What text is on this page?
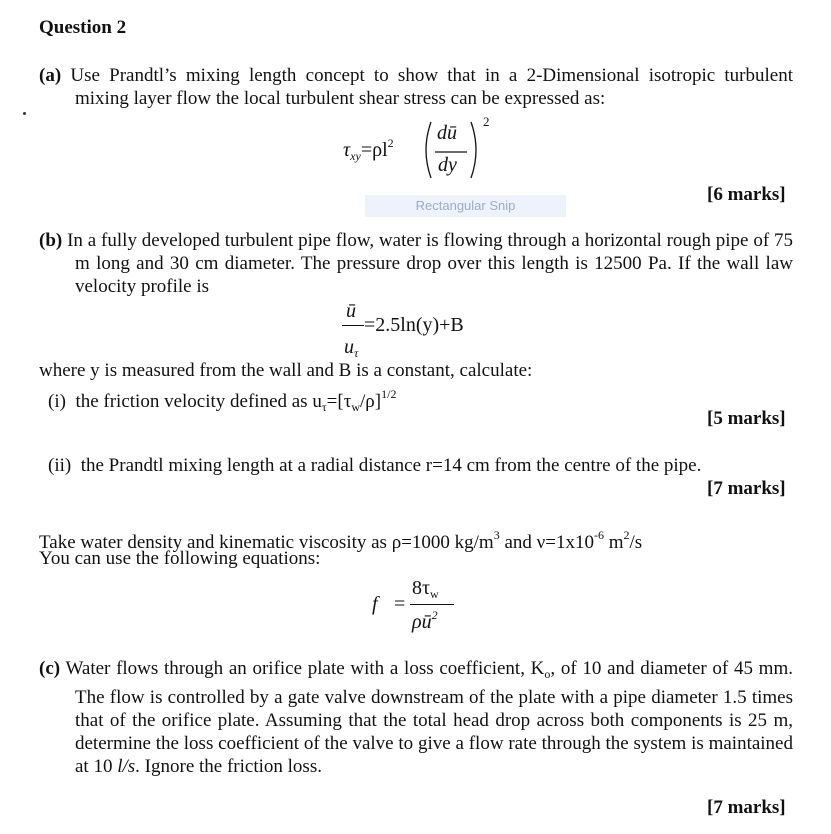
Question 2
(a) Use Prandtl’s mixing length concept to show that in a 2-Dimensional isotropic turbulent mixing layer flow the local turbulent shear stress can be expressed as:
$\tau_{xy}=\rho l^2$ dū
dy
2
[6 marks]
Rectangular Snip
(b) In a fully developed turbulent pipe flow, water is flowing through a horizontal rough pipe of 75 m long and 30 cm diameter. The pressure drop over this length is 12500 Pa. If the wall law velocity profile is
ū
=2.5ln(y)+B
$u_\tau$
where y is measured from the wall and B is a constant, calculate:
(i) the friction velocity defined as $u_\tau=[\tau_w/\rho]^{1/2}$
[5 marks]
(ii) the Prandtl mixing length at a radial distance r=14 cm from the centre of the pipe.
[7 marks]
Take water density and kinematic viscosity as ρ=1000 $kg/m^3$ and $\nu=1x10^{-6}$ $m^2/s$
You can use the following equations:
f =
$8\tau_w$
$\rho ū^2$
(c) Water flows through an orifice plate with a loss coefficient, $K_o$, of 10 and diameter of 45 mm. The flow is controlled by a gate valve downstream of the plate with a pipe diameter 1.5 times that of the orifice plate. Assuming that the total head drop across both components is 25 m, determine the loss coefficient of the valve to give a flow rate through the system is maintained at 10 l/s. Ignore the friction loss.
[7 marks]
